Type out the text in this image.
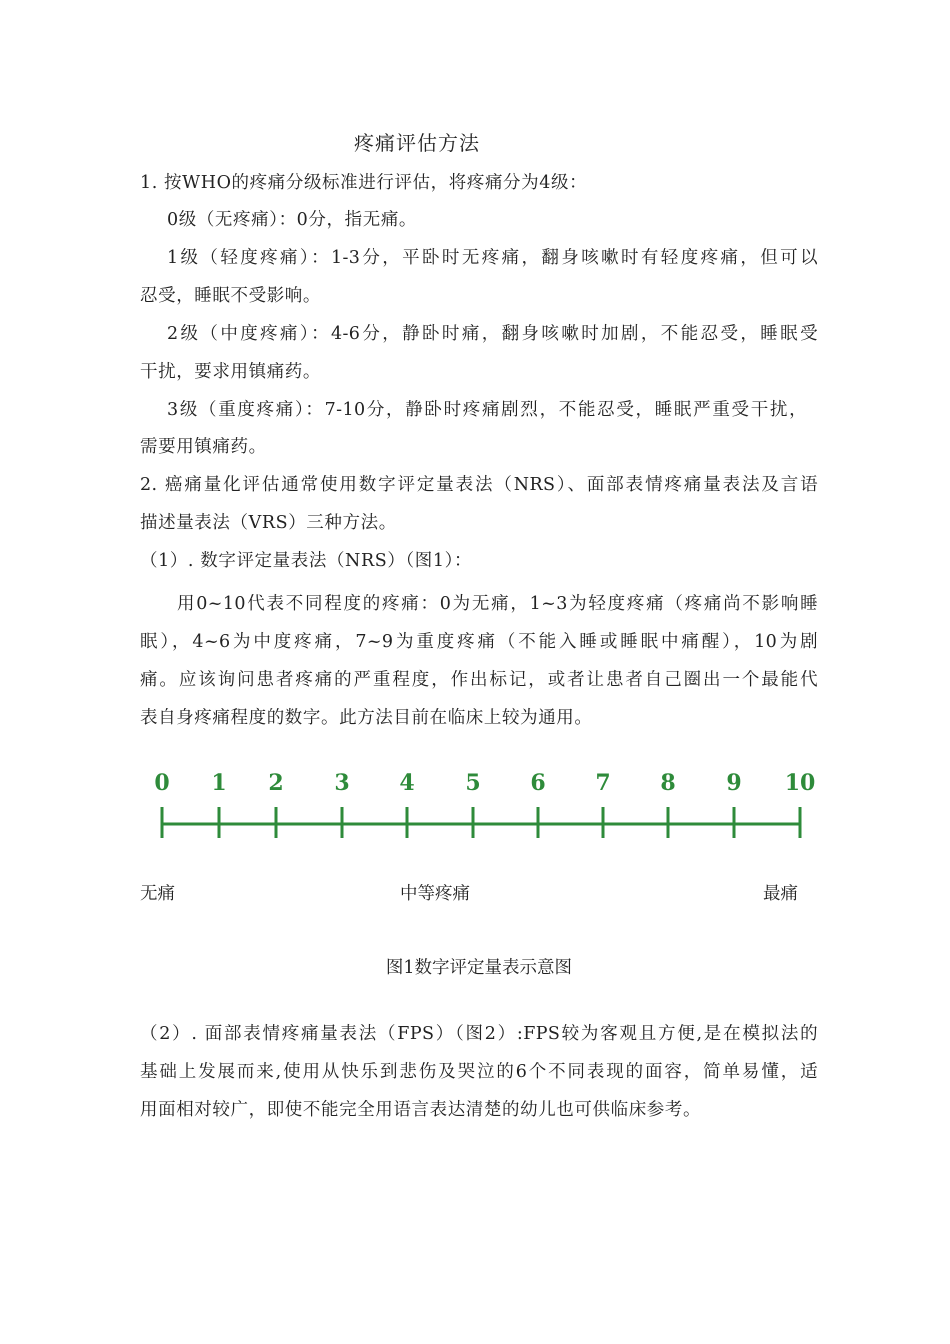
疼痛评估方法
1. 按WHO的疼痛分级标准进行评估，将疼痛分为4级：
0级（无疼痛）：0分，指无痛。
1级（轻度疼痛）：1-3分，平卧时无疼痛，翻身咳嗽时有轻度疼痛，但可以
忍受，睡眠不受影响。
2级（中度疼痛）：4-6分，静卧时痛，翻身咳嗽时加剧，不能忍受，睡眠受
干扰，要求用镇痛药。
3级（重度疼痛）：7-10分，静卧时疼痛剧烈，不能忍受，睡眠严重受干扰，
需要用镇痛药。
2. 癌痛量化评估通常使用数字评定量表法（NRS）、面部表情疼痛量表法及言语
描述量表法（VRS）三种方法。
（1）. 数字评定量表法（NRS）（图1）：
用0~10代表不同程度的疼痛：0为无痛，1~3为轻度疼痛（疼痛尚不影响睡
眠），4~6为中度疼痛，7~9为重度疼痛（不能入睡或睡眠中痛醒），10为剧
痛。应该询问患者疼痛的严重程度，作出标记，或者让患者自己圈出一个最能代
表自身疼痛程度的数字。此方法目前在临床上较为通用。
0 1 2 3 4 5 6 7 8 9 10
无痛	中等疼痛	最痛
图1数字评定量表示意图
（2）. 面部表情疼痛量表法（FPS）（图2）:FPS较为客观且方便,是在模拟法的
基础上发展而来,使用从快乐到悲伤及哭泣的6个不同表现的面容，简单易懂，适
用面相对较广，即使不能完全用语言表达清楚的幼儿也可供临床参考。
